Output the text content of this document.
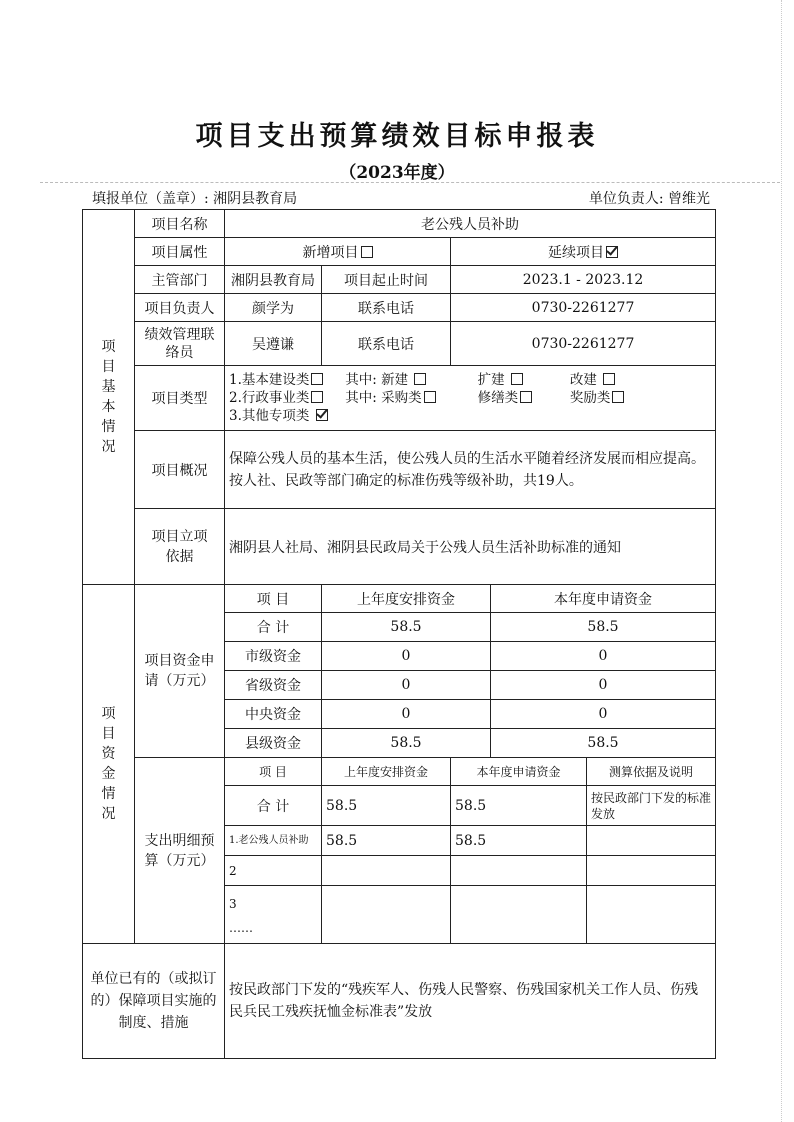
项目支出预算绩效目标申报表
（2023年度）
填报单位（盖章）: 湘阴县教育局	单位负责人: 曾维光
项目基本情况	项目名称	老公残人员补助				
	项目属性	新增项目		延续项目		
	主管部门	湘阴县教育局	项目起止时间	2023.1 - 2023.12		
	项目负责人	颜学为	联系电话	0730-2261277		
	绩效管理联络员	吴遵谦	联系电话	0730-2261277		
	项目类型	1.基本建设类 其中: 新建 扩建 改建
2.行政事业类 其中: 采购类 修缮类 奖励类
3.其他专项类				

	项目概况	保障公残人员的基本生活，使公残人员的生活水平随着经济发展而相应提高。按人社、民政等部门确定的标准伤残等级补助，共19人。				
	项目立项依据	湘阴县人社局、湘阴县民政局关于公残人员生活补助标准的通知				

项目资金情况	项目资金申请（万元）	项 目	上年度安排资金		本年度申请资金	
		合 计	58.5		58.5	
		市级资金	0		0	
		省级资金	0		0	
		中央资金	0		0	
		县级资金	58.5		58.5	
	支出明细预算（万元）	项 目	上年度安排资金	本年度申请资金		测算依据及说明
		合 计	58.5	58.5		按民政部门下发的标准发放
		1.老公残人员补助	58.5	58.5		
		2				

		3
……				

单位已有的（或拟订的）保障项目实施的制度、措施		按民政部门下发的“残疾军人、伤残人民警察、伤残国家机关工作人员、伤残民兵民工残疾抚恤金标准表”发放				
